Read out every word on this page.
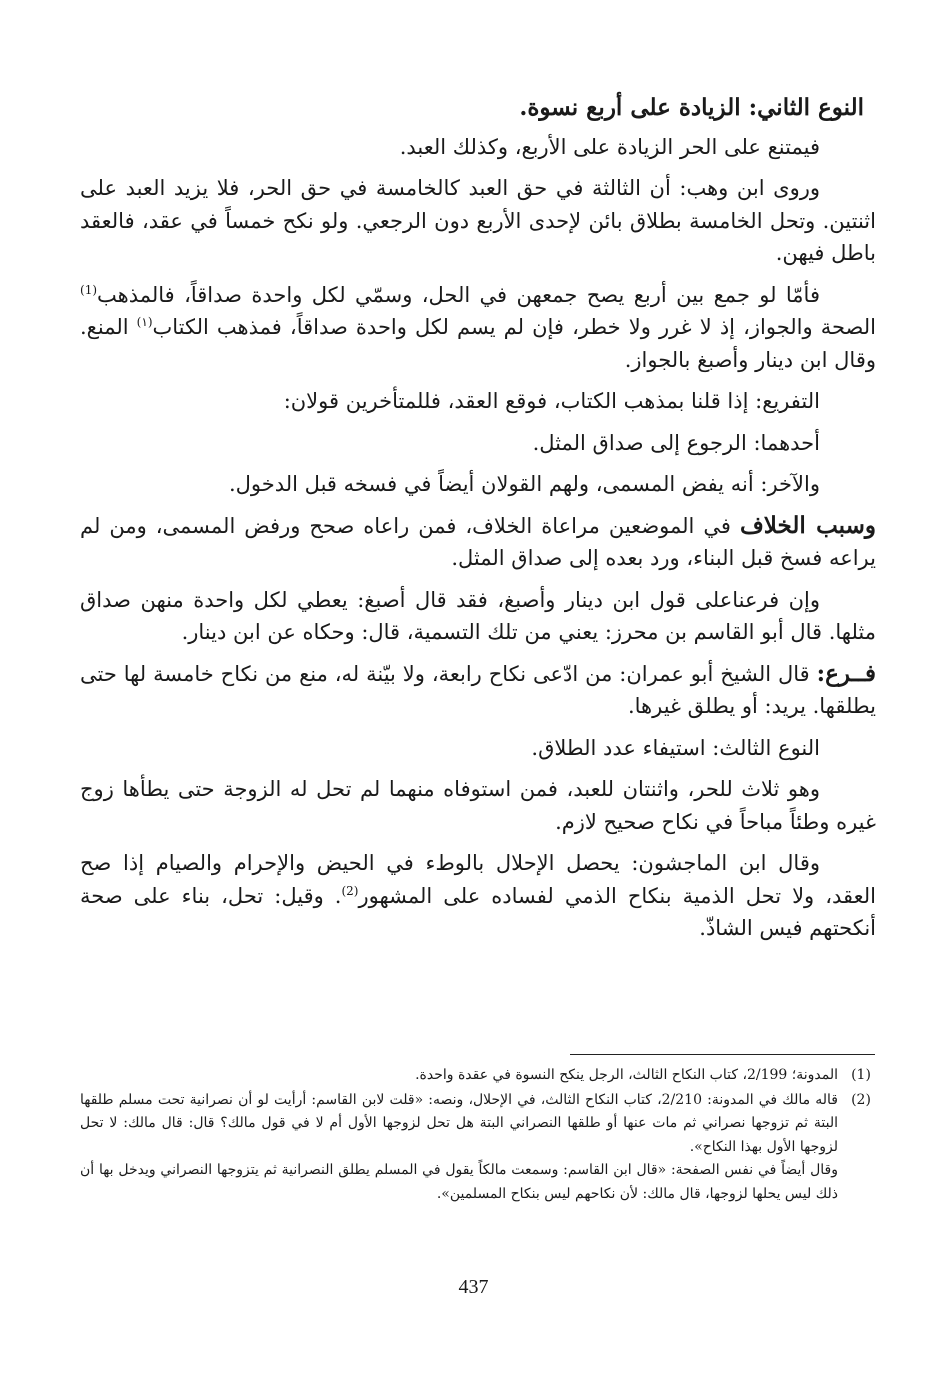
النوع الثاني: الزيادة على أربع نسوة.

فيمتنع على الحر الزيادة على الأربع، وكذلك العبد.

وروى ابن وهب: أن الثالثة في حق العبد كالخامسة في حق الحر، فلا يزيد العبد على اثنتين. وتحل الخامسة بطلاق بائن لإحدى الأربع دون الرجعي. ولو نكح خمساً في عقد، فالعقد باطل فيهن.

فأمّا لو جمع بين أربع يصح جمعهن في الحل، وسمّي لكل واحدة صداقاً، فالمذهب$^{(1)}$ الصحة والجواز، إذ لا غرر ولا خطر، فإن لم يسم لكل واحدة صداقاً، فمذهب الكتاب$^{(١)}$ المنع. وقال ابن دينار وأصبغ بالجواز.

التفريع: إذا قلنا بمذهب الكتاب، فوقع العقد، فللمتأخرين قولان:

أحدهما: الرجوع إلى صداق المثل.

والآخر: أنه يفض المسمى، ولهم القولان أيضاً في فسخه قبل الدخول.

وسبب الخلاف في الموضعين مراعاة الخلاف، فمن راعاه صحح ورفض المسمى، ومن لم يراعه فسخ قبل البناء، ورد بعده إلى صداق المثل.

وإن فرعناعلى قول ابن دينار وأصبغ، فقد قال أصبغ: يعطي لكل واحدة منهن صداق مثلها. قال أبو القاسم بن محرز: يعني من تلك التسمية، قال: وحكاه عن ابن دينار.

فــرع: قال الشيخ أبو عمران: من ادّعى نكاح رابعة، ولا بيّنة له، منع من نكاح خامسة لها حتى يطلقها. يريد: أو يطلق غيرها.

النوع الثالث: استيفاء عدد الطلاق.

وهو ثلاث للحر، واثنتان للعبد، فمن استوفاه منهما لم تحل له الزوجة حتى يطأها زوج غيره وطئاً مباحاً في نكاح صحيح لازم.

وقال ابن الماجشون: يحصل الإحلال بالوطء في الحيض والإحرام والصيام إذا صح العقد، ولا تحل الذمية بنكاح الذمي لفساده على المشهور$^{(2)}$. وقيل: تحل، بناء على صحة أنكحتهم فيس الشاذّ.

(1)
المدونة؛ 2/199، كتاب النكاح الثالث، الرجل ينكح النسوة في عقدة واحدة.
(2)
قاله مالك في المدونة: 2/210، كتاب النكاح الثالث، في الإحلال، ونصه: «قلت لابن القاسم: أرأيت لو أن نصرانية تحت مسلم طلقها البتة ثم تزوجها نصراني ثم مات عنها أو طلقها النصراني البتة هل تحل لزوجها الأول أم لا في قول مالك؟ قال: قال مالك: لا تحل لزوجها الأول بهذا النكاح».
وقال أيضاً في نفس الصفحة: «قال ابن القاسم: وسمعت مالكاً يقول في المسلم يطلق النصرانية ثم يتزوجها النصراني ويدخل بها أن ذلك ليس يحلها لزوجها، قال مالك: لأن نكاحهم ليس بنكاح المسلمين».
437
